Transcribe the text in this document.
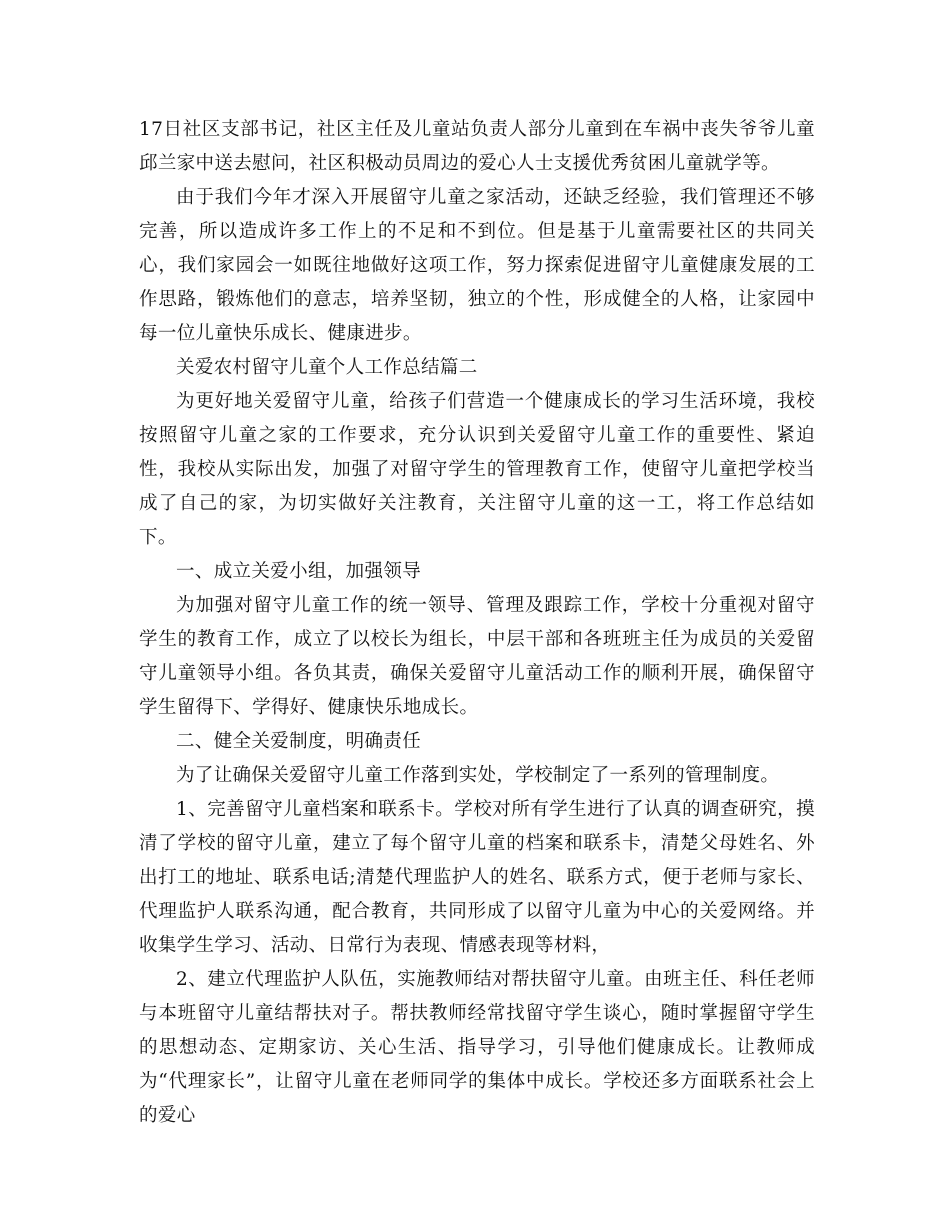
17日社区支部书记，社区主任及儿童站负责人部分儿童到在车祸中丧失爷爷儿童邱兰家中送去慰问，社区积极动员周边的爱心人士支援优秀贫困儿童就学等。

由于我们今年才深入开展留守儿童之家活动，还缺乏经验，我们管理还不够完善，所以造成许多工作上的不足和不到位。但是基于儿童需要社区的共同关心，我们家园会一如既往地做好这项工作，努力探索促进留守儿童健康发展的工作思路，锻炼他们的意志，培养坚韧，独立的个性，形成健全的人格，让家园中每一位儿童快乐成长、健康进步。

关爱农村留守儿童个人工作总结篇二

为更好地关爱留守儿童，给孩子们营造一个健康成长的学习生活环境，我校按照留守儿童之家的工作要求，充分认识到关爱留守儿童工作的重要性、紧迫性，我校从实际出发，加强了对留守学生的管理教育工作，使留守儿童把学校当成了自己的家，为切实做好关注教育，关注留守儿童的这一工，将工作总结如下。

一、成立关爱小组，加强领导

为加强对留守儿童工作的统一领导、管理及跟踪工作，学校十分重视对留守学生的教育工作，成立了以校长为组长，中层干部和各班班主任为成员的关爱留守儿童领导小组。各负其责，确保关爱留守儿童活动工作的顺利开展，确保留守学生留得下、学得好、健康快乐地成长。

二、健全关爱制度，明确责任

为了让确保关爱留守儿童工作落到实处，学校制定了一系列的管理制度。

1、完善留守儿童档案和联系卡。学校对所有学生进行了认真的调查研究，摸清了学校的留守儿童，建立了每个留守儿童的档案和联系卡，清楚父母姓名、外出打工的地址、联系电话;清楚代理监护人的姓名、联系方式，便于老师与家长、代理监护人联系沟通，配合教育，共同形成了以留守儿童为中心的关爱网络。并收集学生学习、活动、日常行为表现、情感表现等材料，

2、建立代理监护人队伍，实施教师结对帮扶留守儿童。由班主任、科任老师与本班留守儿童结帮扶对子。帮扶教师经常找留守学生谈心，随时掌握留守学生的思想动态、定期家访、关心生活、指导学习，引导他们健康成长。让教师成为“代理家长”，让留守儿童在老师同学的集体中成长。学校还多方面联系社会上的爱心
